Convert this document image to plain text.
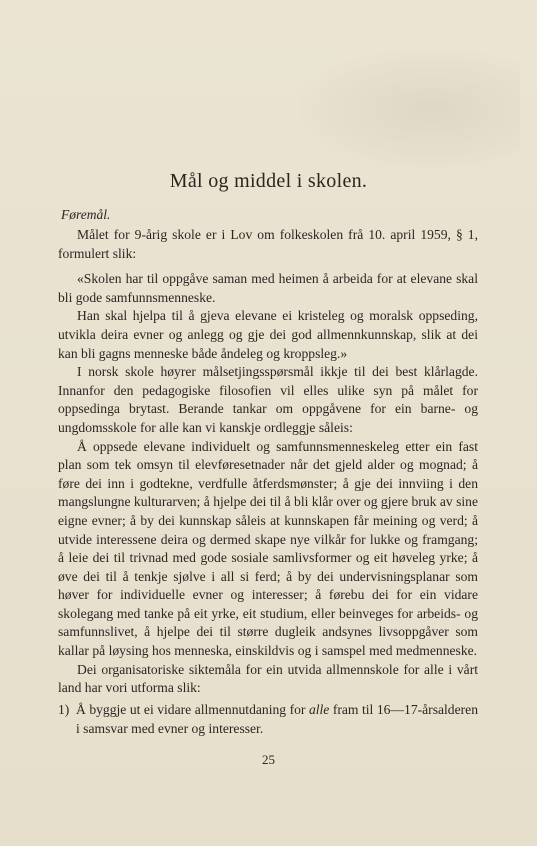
Mål og middel i skolen.
Føremål.

Målet for 9-årig skole er i Lov om folkeskolen frå 10. april 1959, § 1, formulert slik:

«Skolen har til oppgåve saman med heimen å arbeida for at elevane skal bli gode samfunnsmenneske.

Han skal hjelpa til å gjeva elevane ei kristeleg og moralsk oppseding, utvikla deira evner og anlegg og gje dei god allmennkunnskap, slik at dei kan bli gagns menneske både åndeleg og kroppsleg.»

I norsk skole høyrer målsetjingsspørsmål ikkje til dei best klårlagde. Innanfor den pedagogiske filosofien vil elles ulike syn på målet for oppsedinga brytast. Berande tankar om oppgåvene for ein barne- og ungdomsskole for alle kan vi kanskje ordleggje såleis:

Å oppsede elevane individuelt og samfunnsmenneskeleg etter ein fast plan som tek omsyn til elevføresetnader når det gjeld alder og mognad; å føre dei inn i godtekne, verdfulle åtferdsmønster; å gje dei innviing i den mangslungne kulturarven; å hjelpe dei til å bli klår over og gjere bruk av sine eigne evner; å by dei kunnskap såleis at kunnskapen får meining og verd; å utvide interessene deira og dermed skape nye vilkår for lukke og framgang; å leie dei til trivnad med gode sosiale samlivsformer og eit høveleg yrke; å øve dei til å tenkje sjølve i all si ferd; å by dei undervisningsplanar som høver for individuelle evner og interesser; å førebu dei for ein vidare skolegang med tanke på eit yrke, eit studium, eller beinveges for arbeids- og samfunnslivet, å hjelpe dei til større dugleik andsynes livsoppgåver som kallar på løysing hos menneska, einskildvis og i samspel med medmenneske.

Dei organisatoriske siktemåla for ein utvida allmennskole for alle i vårt land har vori utforma slik:

1) Å byggje ut ei vidare allmennutdaning for alle fram til 16—17-årsalderen i samsvar med evner og interesser.
25
